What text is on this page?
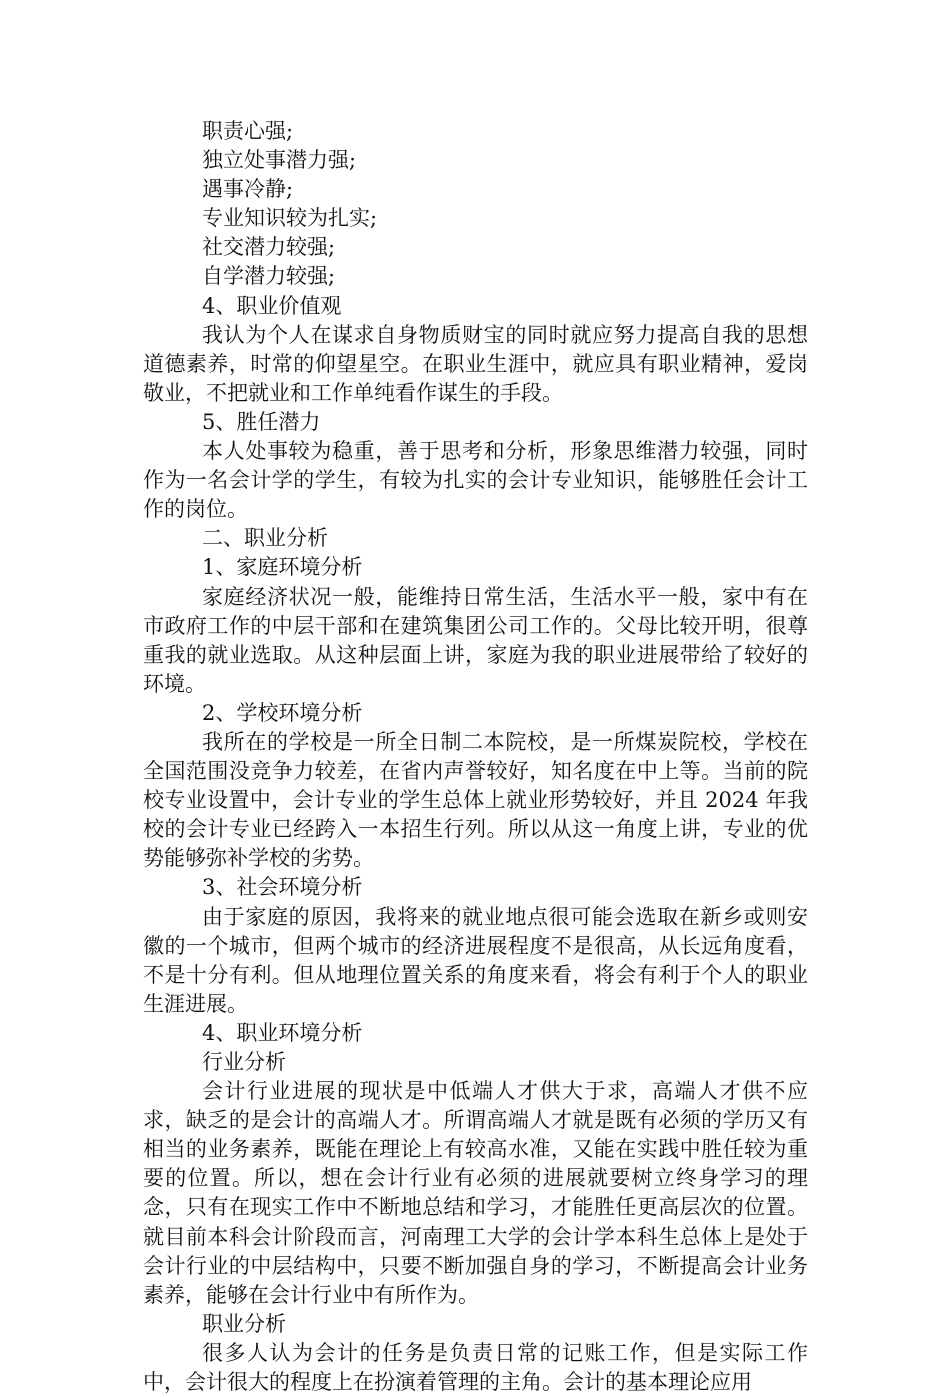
职责心强;
独立处事潜力强;
遇事冷静;
专业知识较为扎实;
社交潜力较强;
自学潜力较强;
4、职业价值观
我认为个人在谋求自身物质财宝的同时就应努力提高自我的思想道德素养，时常的仰望星空。在职业生涯中，就应具有职业精神，爱岗敬业，不把就业和工作单纯看作谋生的手段。
5、胜任潜力
本人处事较为稳重，善于思考和分析，形象思维潜力较强，同时作为一名会计学的学生，有较为扎实的会计专业知识，能够胜任会计工作的岗位。
二、职业分析
1、家庭环境分析
家庭经济状况一般，能维持日常生活，生活水平一般，家中有在市政府工作的中层干部和在建筑集团公司工作的。父母比较开明，很尊重我的就业选取。从这种层面上讲，家庭为我的职业进展带给了较好的环境。
2、学校环境分析
我所在的学校是一所全日制二本院校，是一所煤炭院校，学校在全国范围没竞争力较差，在省内声誉较好，知名度在中上等。当前的院校专业设置中，会计专业的学生总体上就业形势较好，并且 2024 年我校的会计专业已经跨入一本招生行列。所以从这一角度上讲，专业的优势能够弥补学校的劣势。
3、社会环境分析
由于家庭的原因，我将来的就业地点很可能会选取在新乡或则安徽的一个城市，但两个城市的经济进展程度不是很高，从长远角度看，不是十分有利。但从地理位置关系的角度来看，将会有利于个人的职业生涯进展。
4、职业环境分析
行业分析
会计行业进展的现状是中低端人才供大于求，高端人才供不应求，缺乏的是会计的高端人才。所谓高端人才就是既有必须的学历又有相当的业务素养，既能在理论上有较高水准，又能在实践中胜任较为重要的位置。所以，想在会计行业有必须的进展就要树立终身学习的理念，只有在现实工作中不断地总结和学习，才能胜任更高层次的位置。就目前本科会计阶段而言，河南理工大学的会计学本科生总体上是处于会计行业的中层结构中，只要不断加强自身的学习，不断提高会计业务素养，能够在会计行业中有所作为。
职业分析
很多人认为会计的任务是负责日常的记账工作，但是实际工作中，会计很大的程度上在扮演着管理的主角。会计的基本理论应用
